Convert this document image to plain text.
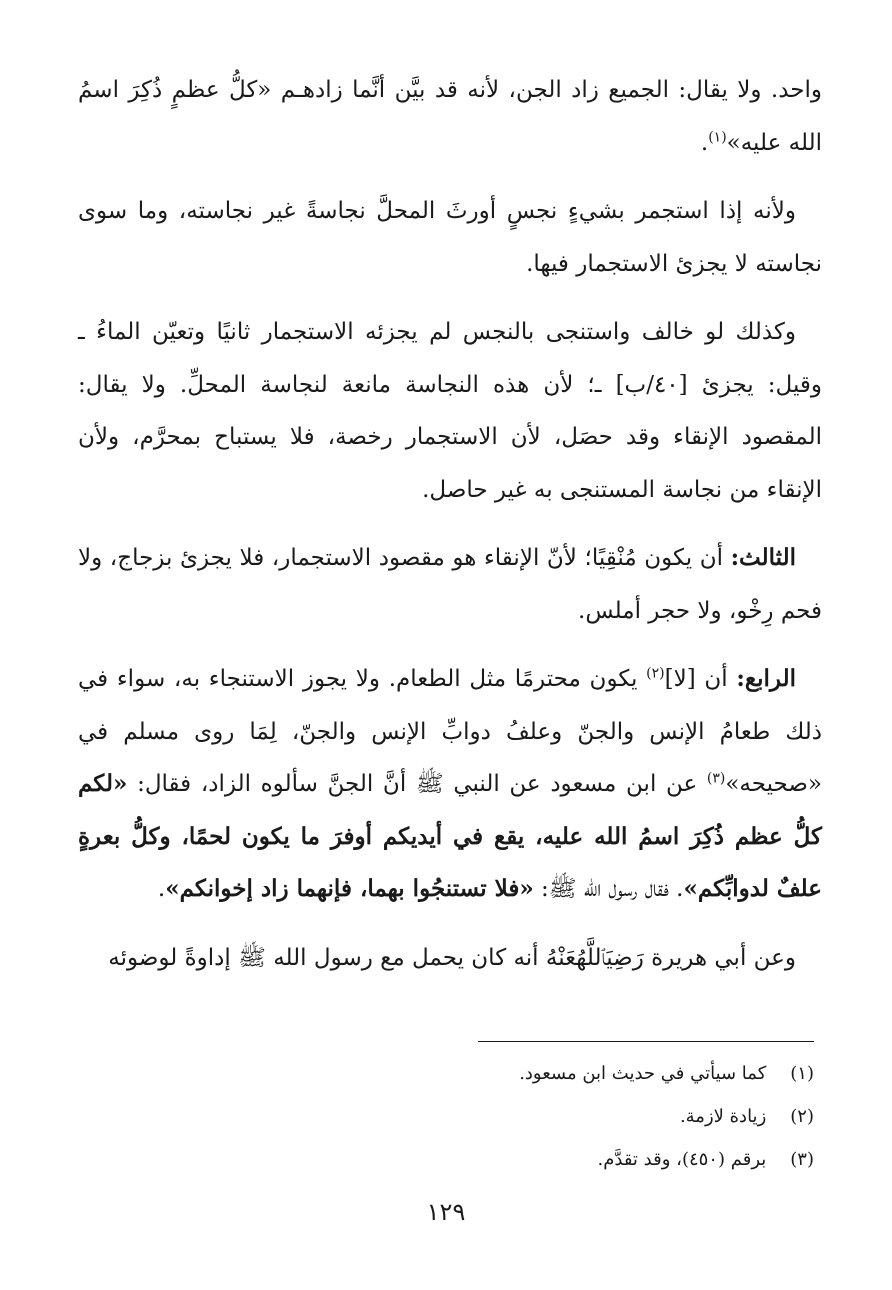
واحد. ولا يقال: الجميع زاد الجن، لأنه قد بيَّن أنَّما زادهـم «كلُّ عظمٍ ذُكِرَ اسمُ الله عليه»$^{(١)}$.

ولأنه إذا استجمر بشيءٍ نجسٍ أورثَ المحلَّ نجاسةً غير نجاسته، وما سوى نجاسته لا يجزئ الاستجمار فيها.

وكذلك لو خالف واستنجى بالنجس لم يجزئه الاستجمار ثانيًا وتعيّن الماءُ ـ وقيل: يجزئ [٤٠/ب] ـ؛ لأن هذه النجاسة مانعة لنجاسة المحلِّ. ولا يقال: المقصود الإنقاء وقد حصَل، لأن الاستجمار رخصة، فلا يستباح بمحرَّم، ولأن الإنقاء من نجاسة المستنجى به غير حاصل.

الثالث: أن يكون مُنْقِيًا؛ لأنّ الإنقاء هو مقصود الاستجمار، فلا يجزئ بزجاج، ولا فحم رِخْو، ولا حجر أملس.

الرابع: أن [لا]$^{(٢)}$ يكون محترمًا مثل الطعام. ولا يجوز الاستنجاء به، سواء في ذلك طعامُ الإنس والجنّ وعلفُ دوابِّ الإنس والجنّ، لِمَا روى مسلم في «صحيحه»$^{(٣)}$ عن ابن مسعود عن النبي ﷺ أنَّ الجنَّ سألوه الزاد، فقال: «لكم كلُّ عظم ذُكِرَ اسمُ الله عليه، يقع في أيديكم أوفرَ ما يكون لحمًا، وكلُّ بعرةٍ علفٌ لدوابِّكم». فقال رسول الله ﷺ: «فلا تستنجُوا بهما، فإنهما زاد إخوانكم».

وعن أبي هريرة رَضِيَٱللَّهُعَنْهُ أنه كان يحمل مع رسول الله ﷺ إداوةً لوضوئه

(١) كما سيأتي في حديث ابن مسعود.
(٢) زيادة لازمة.
(٣) برقم (٤٥٠)، وقد تقدَّم.
١٢٩
